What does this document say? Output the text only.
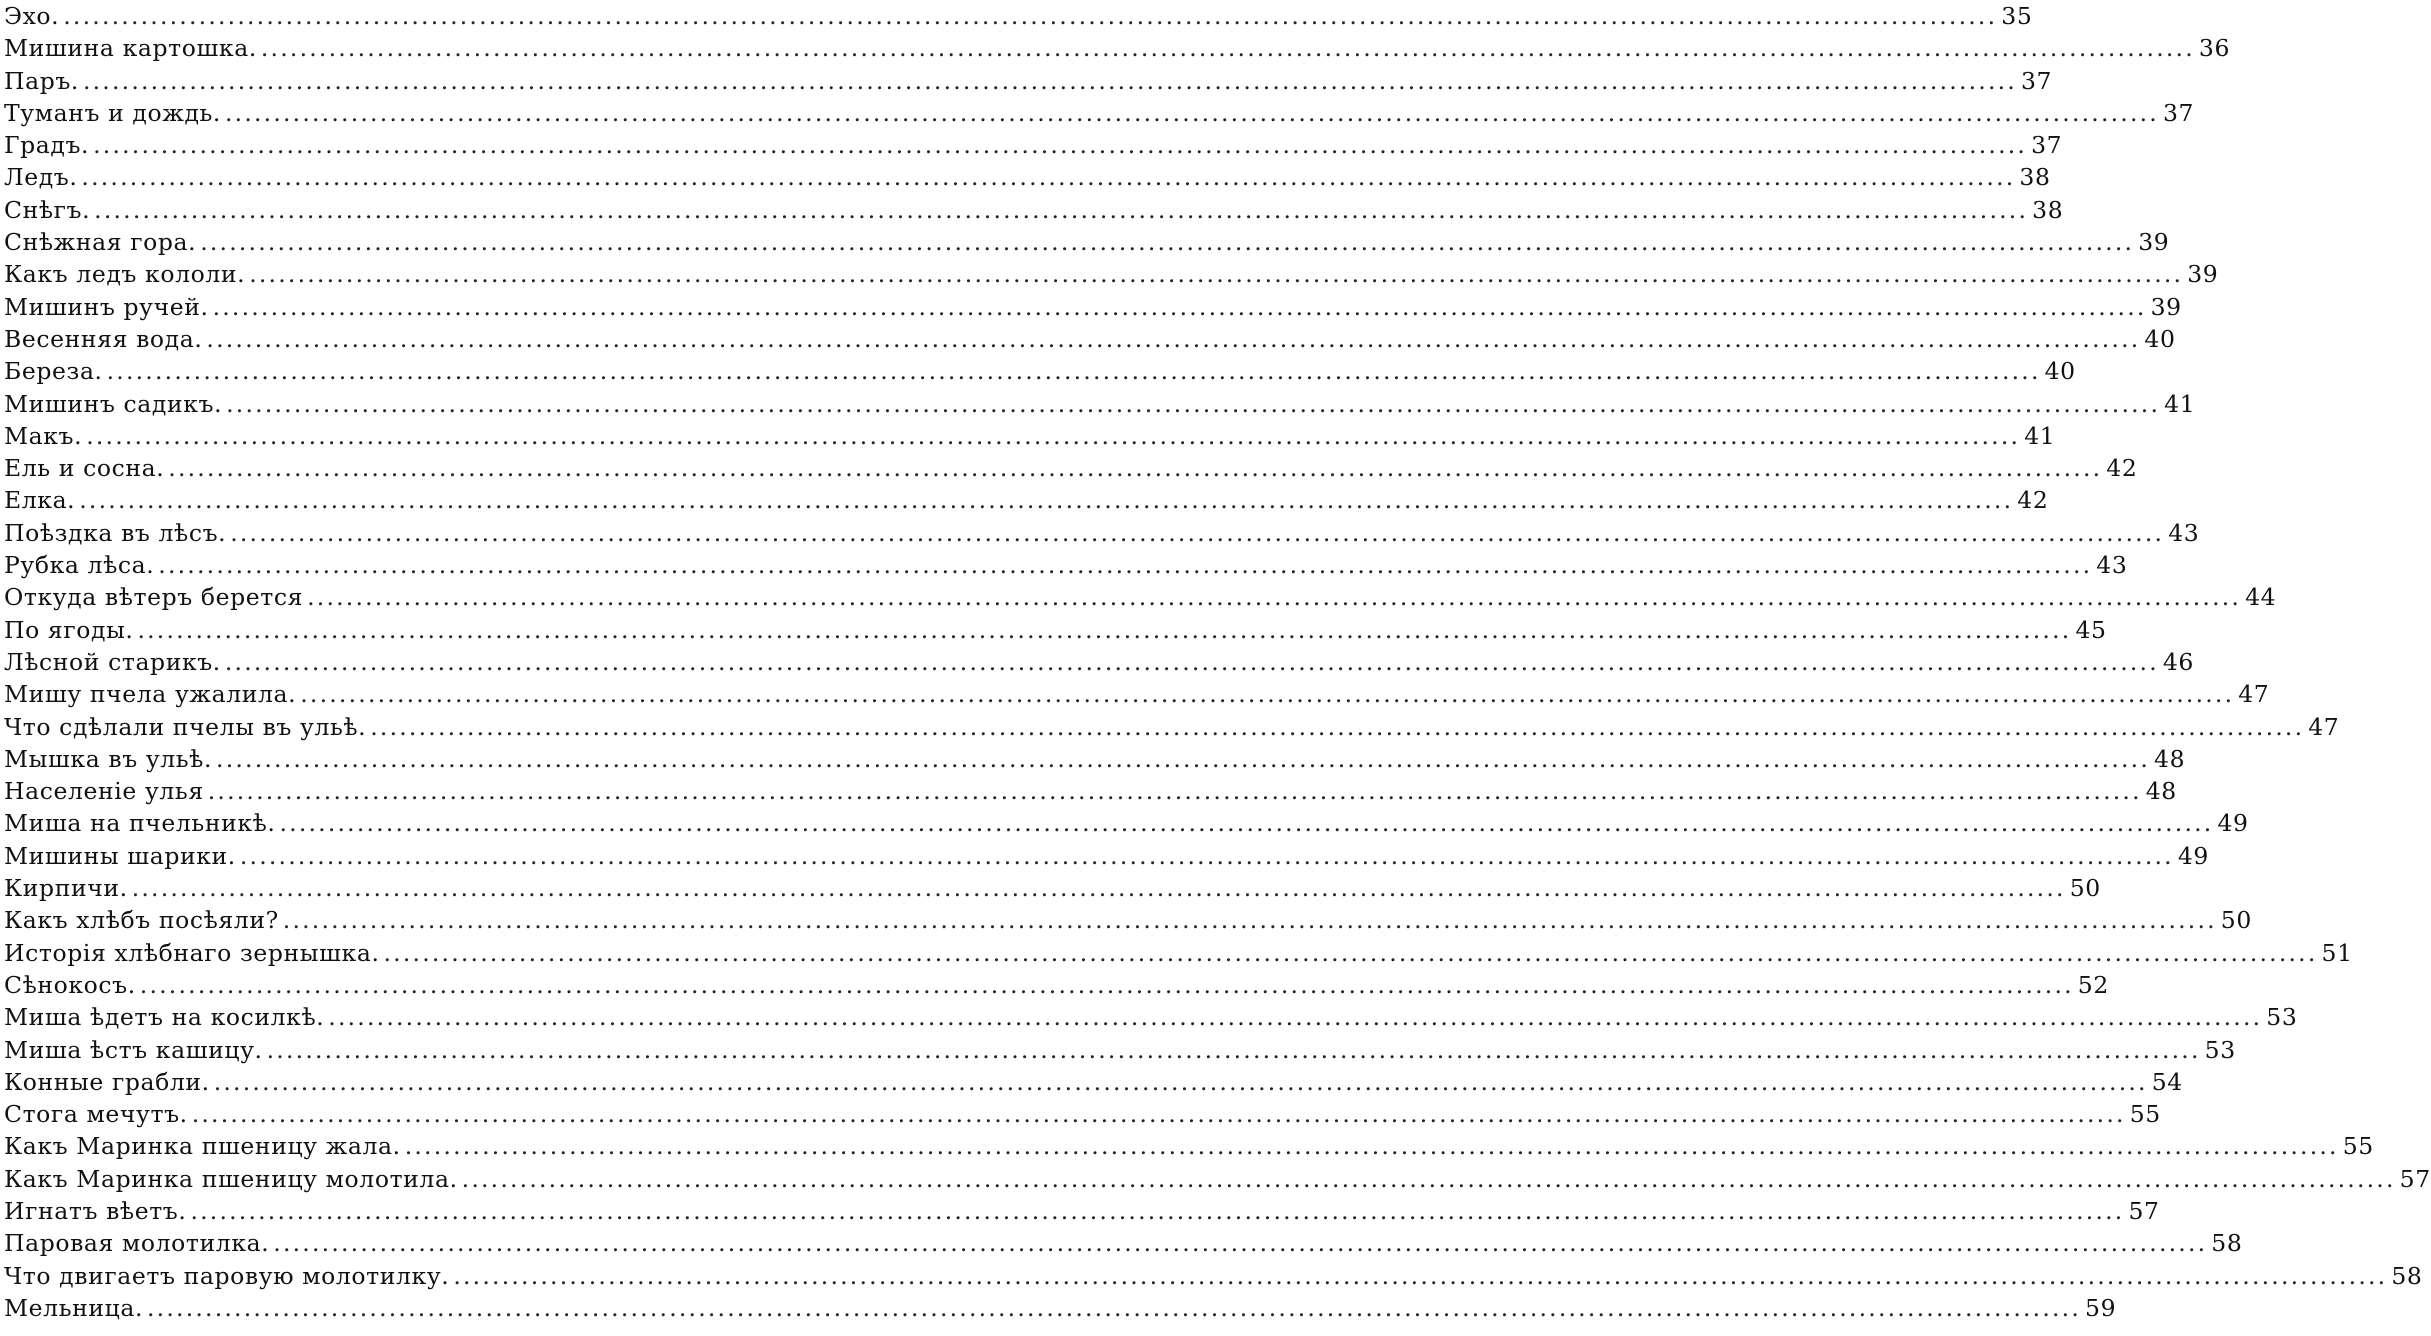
Эхо. ........................................................................................................................................................................................................ 35
Мишина картошка. ........................................................................................................................................................................................................ 36
Паръ. ........................................................................................................................................................................................................ 37
Туманъ и дождь. ........................................................................................................................................................................................................ 37
Градъ. ........................................................................................................................................................................................................ 37
Ледъ. ........................................................................................................................................................................................................ 38
Снѣгъ. ........................................................................................................................................................................................................ 38
Снѣжная гора. ........................................................................................................................................................................................................ 39
Какъ ледъ кололи. ........................................................................................................................................................................................................ 39
Мишинъ ручей. ........................................................................................................................................................................................................ 39
Весенняя вода. ........................................................................................................................................................................................................ 40
Береза. ........................................................................................................................................................................................................ 40
Мишинъ садикъ. ........................................................................................................................................................................................................ 41
Макъ. ........................................................................................................................................................................................................ 41
Ель и сосна. ........................................................................................................................................................................................................ 42
Елка. ........................................................................................................................................................................................................ 42
Поѣздка въ лѣсъ. ........................................................................................................................................................................................................ 43
Рубка лѣса. ........................................................................................................................................................................................................ 43
Откуда вѣтеръ берется ........................................................................................................................................................................................................ 44
По ягоды. ........................................................................................................................................................................................................ 45
Лѣсной старикъ. ........................................................................................................................................................................................................ 46
Мишу пчела ужалила. ........................................................................................................................................................................................................ 47
Что сдѣлали пчелы въ ульѣ. ........................................................................................................................................................................................................ 47
Мышка въ ульѣ. ........................................................................................................................................................................................................ 48
Населенiе улья ........................................................................................................................................................................................................ 48
Миша на пчельникѣ. ........................................................................................................................................................................................................ 49
Мишины шарики. ........................................................................................................................................................................................................ 49
Кирпичи. ........................................................................................................................................................................................................ 50
Какъ хлѣбъ посѣяли? ........................................................................................................................................................................................................ 50
Исторiя хлѣбнаго зернышка. ........................................................................................................................................................................................................ 51
Сѣнокосъ. ........................................................................................................................................................................................................ 52
Миша ѣдетъ на косилкѣ. ........................................................................................................................................................................................................ 53
Миша ѣстъ кашицу. ........................................................................................................................................................................................................ 53
Конные грабли. ........................................................................................................................................................................................................ 54
Стога мечутъ. ........................................................................................................................................................................................................ 55
Какъ Маринка пшеницу жала. ........................................................................................................................................................................................................ 55
Какъ Маринка пшеницу молотила. ........................................................................................................................................................................................................ 57
Игнатъ вѣетъ. ........................................................................................................................................................................................................ 57
Паровая молотилка. ........................................................................................................................................................................................................ 58
Что двигаетъ паровую молотилку. ........................................................................................................................................................................................................ 58
Мельница. ........................................................................................................................................................................................................ 59
